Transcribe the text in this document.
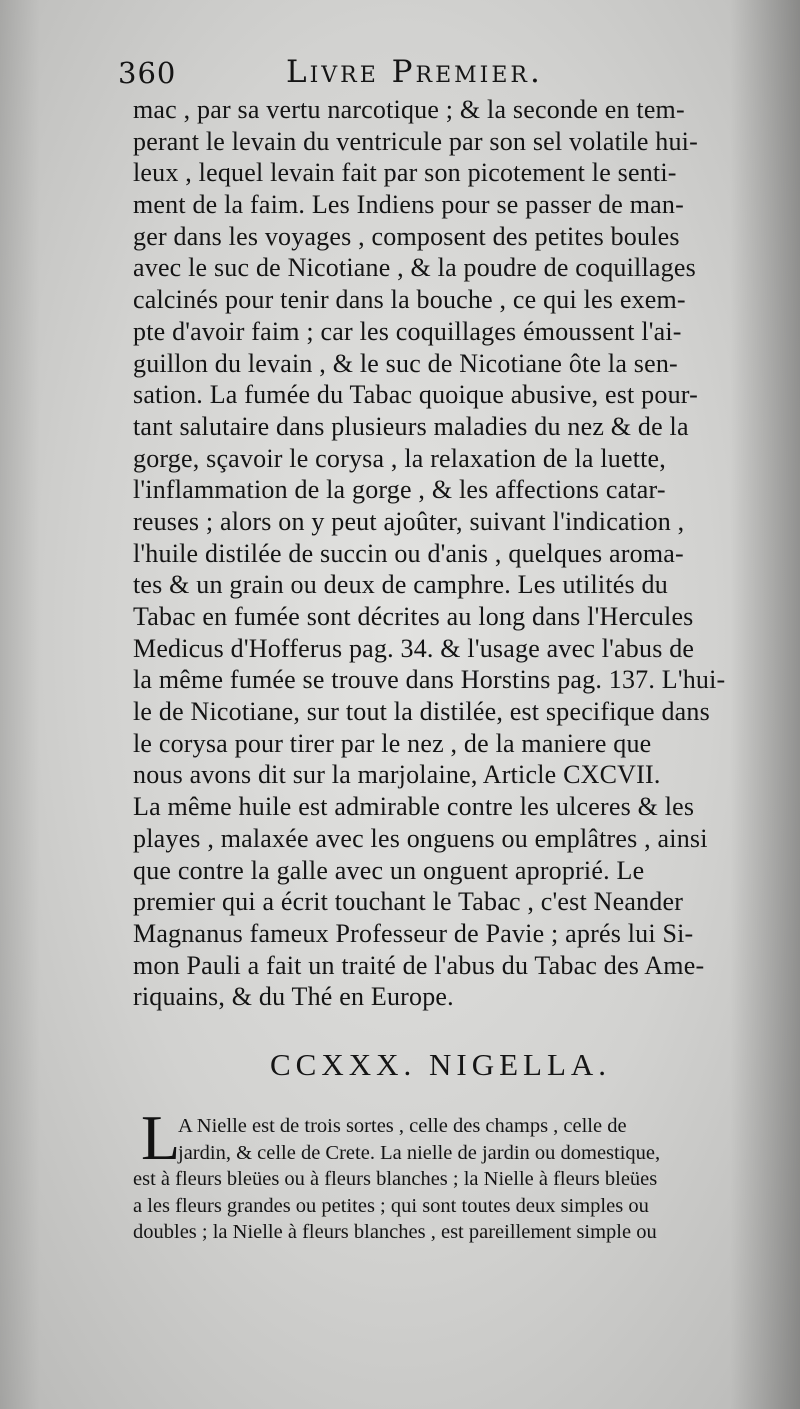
360	Livre Premier.
mac , par sa vertu narcotique ; & la seconde en tem-
perant le levain du ventricule par son sel volatile hui-
leux , lequel levain fait par son picotement le senti-
ment de la faim. Les Indiens pour se passer de man-
ger dans les voyages , composent des petites boules
avec le suc de Nicotiane , & la poudre de coquillages
calcinés pour tenir dans la bouche , ce qui les exem-
pte d'avoir faim ; car les coquillages émoussent l'ai-
guillon du levain , & le suc de Nicotiane ôte la sen-
sation. La fumée du Tabac quoique abusive, est pour-
tant salutaire dans plusieurs maladies du nez & de la
gorge, sçavoir le corysa , la relaxation de la luette,
l'inflammation de la gorge , & les affections catar-
reuses ; alors on y peut ajoûter, suivant l'indication ,
l'huile distilée de succin ou d'anis , quelques aroma-
tes & un grain ou deux de camphre. Les utilités du
Tabac en fumée sont décrites au long dans l'Hercules
Medicus d'Hofferus pag. 34. & l'usage avec l'abus de
la même fumée se trouve dans Horstins pag. 137. L'hui-
le de Nicotiane, sur tout la distilée, est specifique dans
le corysa pour tirer par le nez , de la maniere que
nous avons dit sur la marjolaine, Article CXCVII.
La même huile est admirable contre les ulceres & les
playes , malaxée avec les onguens ou emplâtres , ainsi
que contre la galle avec un onguent aproprié. Le
premier qui a écrit touchant le Tabac , c'est Neander
Magnanus fameux Professeur de Pavie ; aprés lui Si-
mon Pauli a fait un traité de l'abus du Tabac des Ame-
riquains, & du Thé en Europe.
CCXXX. NIGELLA.
L
A Nielle est de trois sortes , celle des champs , celle de
jardin, & celle de Crete. La nielle de jardin ou domestique,
est à fleurs bleües ou à fleurs blanches ; la Nielle à fleurs bleües
a les fleurs grandes ou petites ; qui sont toutes deux simples ou
doubles ; la Nielle à fleurs blanches , est pareillement simple ou
